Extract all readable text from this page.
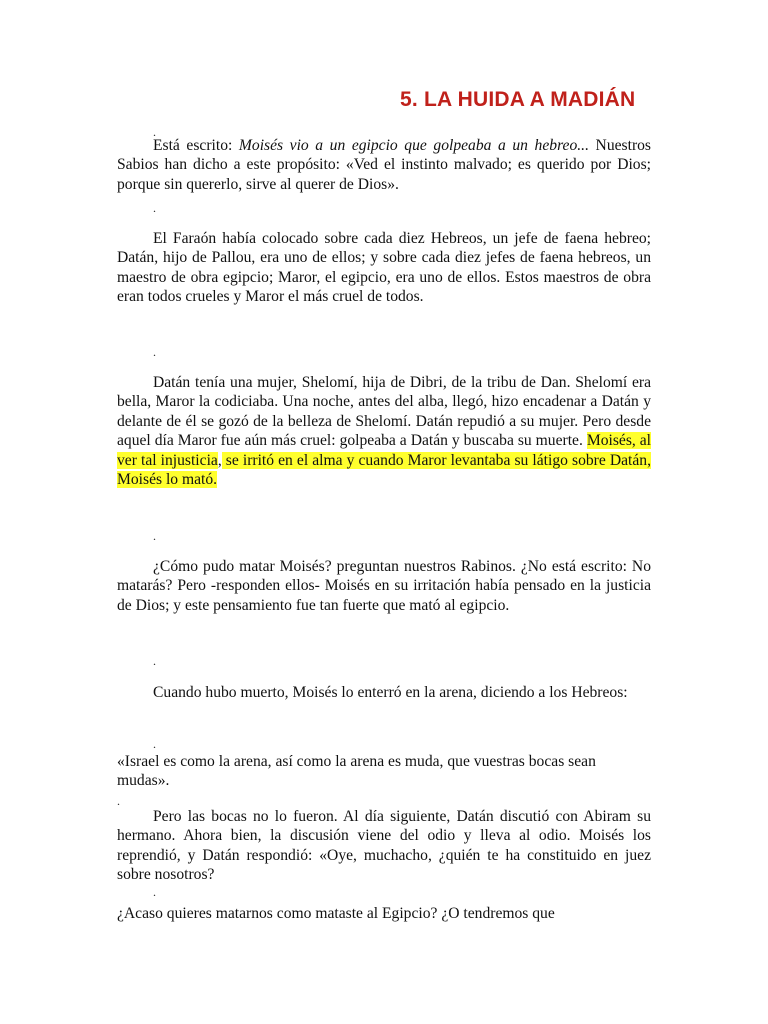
5. LA HUIDA A MADIÁN
.
Está escrito: Moisés vio a un egipcio que golpeaba a un hebreo... Nuestros Sabios han dicho a este propósito: «Ved el instinto malvado; es querido por Dios; porque sin quererlo, sirve al querer de Dios».
.
El Faraón había colocado sobre cada diez Hebreos, un jefe de faena hebreo; Datán, hijo de Pallou, era uno de ellos; y sobre cada diez jefes de faena hebreos, un maestro de obra egipcio; Maror, el egipcio, era uno de ellos. Estos maestros de obra eran todos crueles y Maror el más cruel de todos.
.
Datán tenía una mujer, Shelomí, hija de Dibri, de la tribu de Dan. Shelomí era bella, Maror la codiciaba. Una noche, antes del alba, llegó, hizo encadenar a Datán y delante de él se gozó de la belleza de Shelomí. Datán repudió a su mujer. Pero desde aquel día Maror fue aún más cruel: golpeaba a Datán y buscaba su muerte. Moisés, al ver tal injusticia, se irritó en el alma y cuando Maror levantaba su látigo sobre Datán, Moisés lo mató.
.
¿Cómo pudo matar Moisés? preguntan nuestros Rabinos. ¿No está escrito: No matarás? Pero -responden ellos- Moisés en su irritación había pensado en la justicia de Dios; y este pensamiento fue tan fuerte que mató al egipcio.
.
Cuando hubo muerto, Moisés lo enterró en la arena, diciendo a los Hebreos:
.
«Israel es como la arena, así como la arena es muda, que vuestras bocas sean mudas».
.
Pero las bocas no lo fueron. Al día siguiente, Datán discutió con Abiram su hermano. Ahora bien, la discusión viene del odio y lleva al odio. Moisés los reprendió, y Datán respondió: «Oye, muchacho, ¿quién te ha constituido en juez sobre nosotros?
.
¿Acaso quieres matarnos como mataste al Egipcio? ¿O tendremos que
